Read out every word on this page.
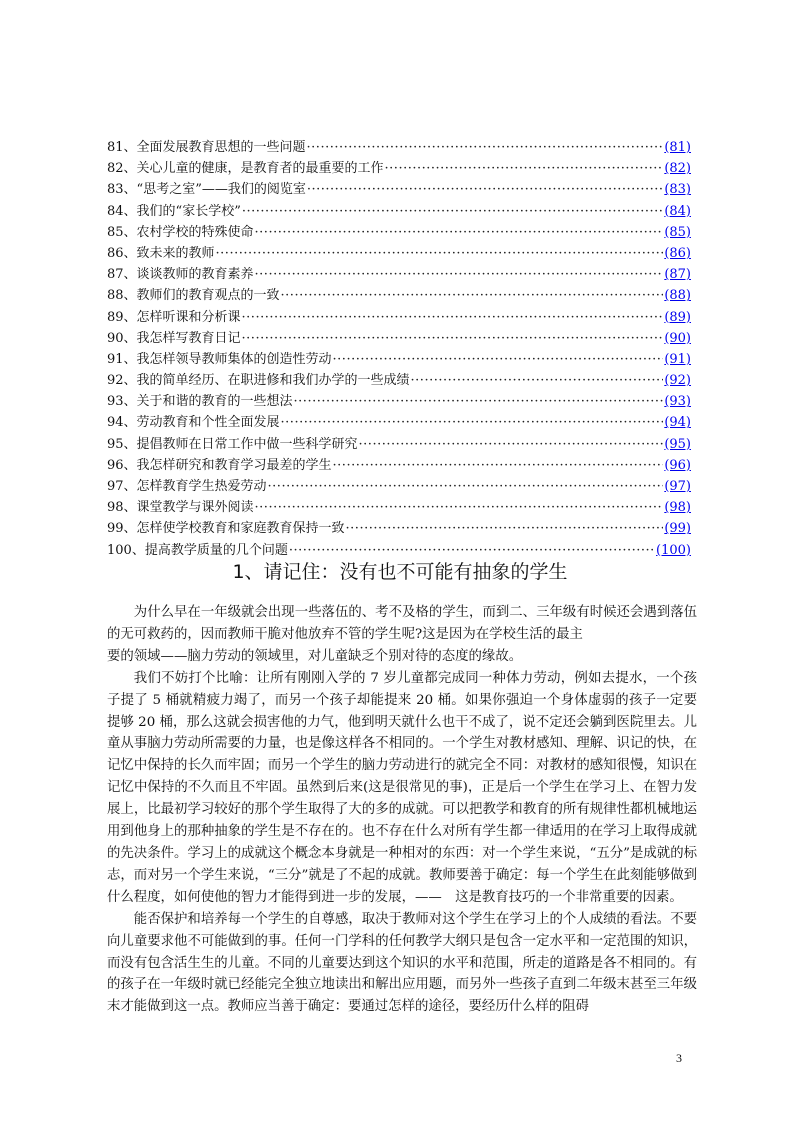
81、全面发展教育思想的一些问题 ·····	(81)
82、关心儿童的健康，是教育者的最重要的工作 ·····	(82)
83、“思考之室”——我们的阅览室 ·····	(83)
84、我们的“家长学校” ·····	(84)
85、农村学校的特殊使命 ·····	(85)
86、致未来的教师 ·····	(86)
87、谈谈教师的教育素养 ·····	(87)
88、教师们的教育观点的一致 ·····	(88)
89、怎样听课和分析课 ·····	(89)
90、我怎样写教育日记 ·····	(90)
91、我怎样领导教师集体的创造性劳动 ·····	(91)
92、我的简单经历、在职进修和我们办学的一些成绩 ·····	(92)
93、关于和谐的教育的一些想法 ·····	(93)
94、劳动教育和个性全面发展 ·····	(94)
95、提倡教师在日常工作中做一些科学研究 ·····	(95)
96、我怎样研究和教育学习最差的学生 ·····	(96)
97、怎样教育学生热爱劳动 ·····	(97)
98、课堂教学与课外阅读 ·····	(98)
99、怎样使学校教育和家庭教育保持一致 ·····	(99)
100、提高教学质量的几个问题 ·····	(100)
1、请记住：没有也不可能有抽象的学生

为什么早在一年级就会出现一些落伍的、考不及格的学生，而到二、三年级有时候还会遇到落伍的无可救药的，因而教师干脆对他放弃不管的学生呢?这是因为在学校生活的最主

要的领域——脑力劳动的领域里，对儿童缺乏个别对待的态度的缘故。

我们不妨打个比喻：让所有刚刚入学的 7 岁儿童都完成同一种体力劳动，例如去提水，一个孩子提了 5 桶就精疲力竭了，而另一个孩子却能提来 20 桶。如果你强迫一个身体虚弱的孩子一定要提够 20 桶，那么这就会损害他的力气，他到明天就什么也干不成了，说不定还会躺到医院里去。儿童从事脑力劳动所需要的力量，也是像这样各不相同的。一个学生对教材感知、理解、识记的快，在记忆中保持的长久而牢固；而另一个学生的脑力劳动进行的就完全不同：对教材的感知很慢，知识在记忆中保持的不久而且不牢固。虽然到后来(这是很常见的事)，正是后一个学生在学习上、在智力发展上，比最初学习较好的那个学生取得了大的多的成就。可以把教学和教育的所有规律性都机械地运用到他身上的那种抽象的学生是不存在的。也不存在什么对所有学生都一律适用的在学习上取得成就的先决条件。学习上的成就这个概念本身就是一种相对的东西：对一个学生来说，“五分”是成就的标志，而对另一个学生来说，“三分”就是了不起的成就。教师要善于确定：每一个学生在此刻能够做到什么程度，如何使他的智力才能得到进一步的发展，——　这是教育技巧的一个非常重要的因素。

能否保护和培养每一个学生的自尊感，取决于教师对这个学生在学习上的个人成绩的看法。不要向儿童要求他不可能做到的事。任何一门学科的任何教学大纲只是包含一定水平和一定范围的知识，而没有包含活生生的儿童。不同的儿童要达到这个知识的水平和范围，所走的道路是各不相同的。有的孩子在一年级时就已经能完全独立地读出和解出应用题，而另外一些孩子直到二年级末甚至三年级末才能做到这一点。教师应当善于确定：要通过怎样的途径，要经历什么样的阻碍

3
